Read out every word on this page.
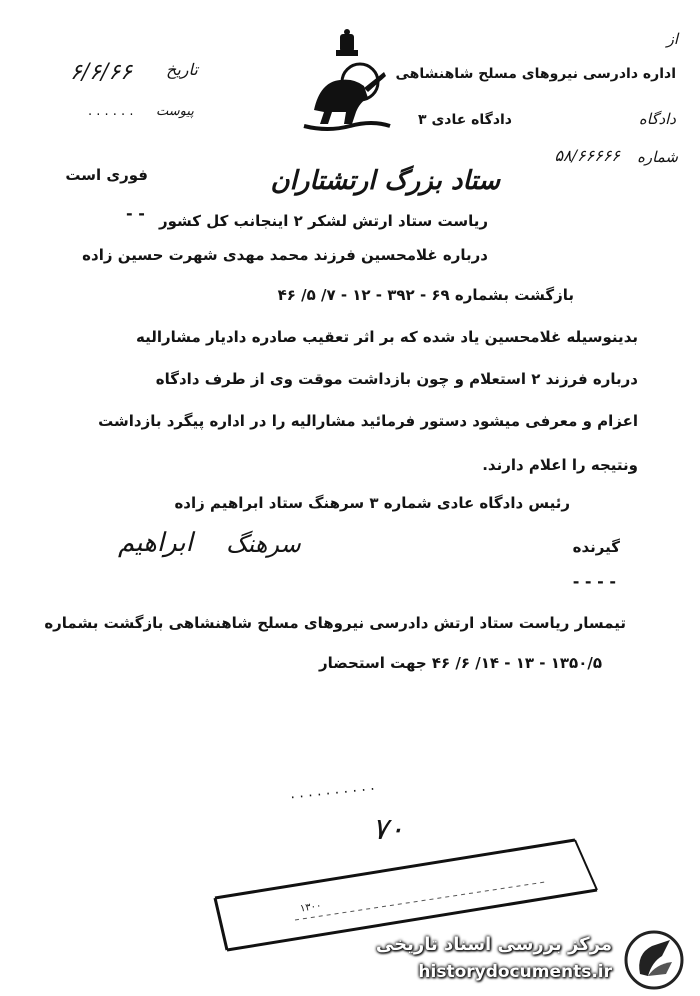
از
اداره دادرسی نیروهای مسلح شاهنشاهی
دادگاه عادی ۳	دادگاه
شماره
۵۸/۶۶۶۶۶
تاریخ
۶/۶/۶۶
پیوست
. . . . . .
فوری است
- -
ستاد بزرگ ارتشتاران
ریاست ستاد ارتش لشکر ۲ اینجانب کل کشور
درباره غلامحسین فرزند محمد مهدی شهرت حسین زاده
بازگشت بشماره ۶۹ - ۳۹۲ - ۱۲ - ۷/ ۵/ ۴۶
بدینوسیله غلامحسین یاد شده که بر اثر تعقیب صادره دادیار مشارالیه
درباره فرزند ۲ استعلام و چون بازداشت موقت وی از طرف دادگاه
اعزام و معرفی میشود دستور فرمائید مشارالیه را در اداره پیگرد بازداشت
ونتیجه را اعلام دارند.
رئیس دادگاه عادی شماره ۳ سرهنگ ستاد ابراهیم زاده
ابراهیم سرهنگ	گیرنده
- - - -
تیمسار ریاست ستاد ارتش دادرسی نیروهای مسلح شاهنشاهی بازگشت بشماره
۱۳۵۰/۵ - ۱۳ - ۱۴/ ۶/ ۴۶ جهت استحضار
۷۰
. . . . . . . . . .
۱۳۰۰
مرکز بررسی اسناد تاریخی
historydocuments.ir
